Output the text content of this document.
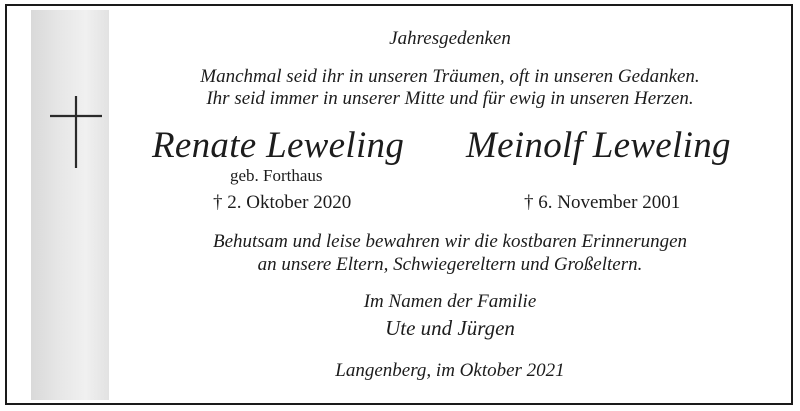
Jahresgedenken
Manchmal seid ihr in unseren Träumen, oft in unseren Gedanken.
Ihr seid immer in unserer Mitte und für ewig in unseren Herzen.
Renate Leweling Meinolf Leweling
geb. Forthaus
† 2. Oktober 2020	† 6. November 2001
Behutsam und leise bewahren wir die kostbaren Erinnerungen
an unsere Eltern, Schwiegereltern und Großeltern.
Im Namen der Familie
Ute und Jürgen
Langenberg, im Oktober 2021
